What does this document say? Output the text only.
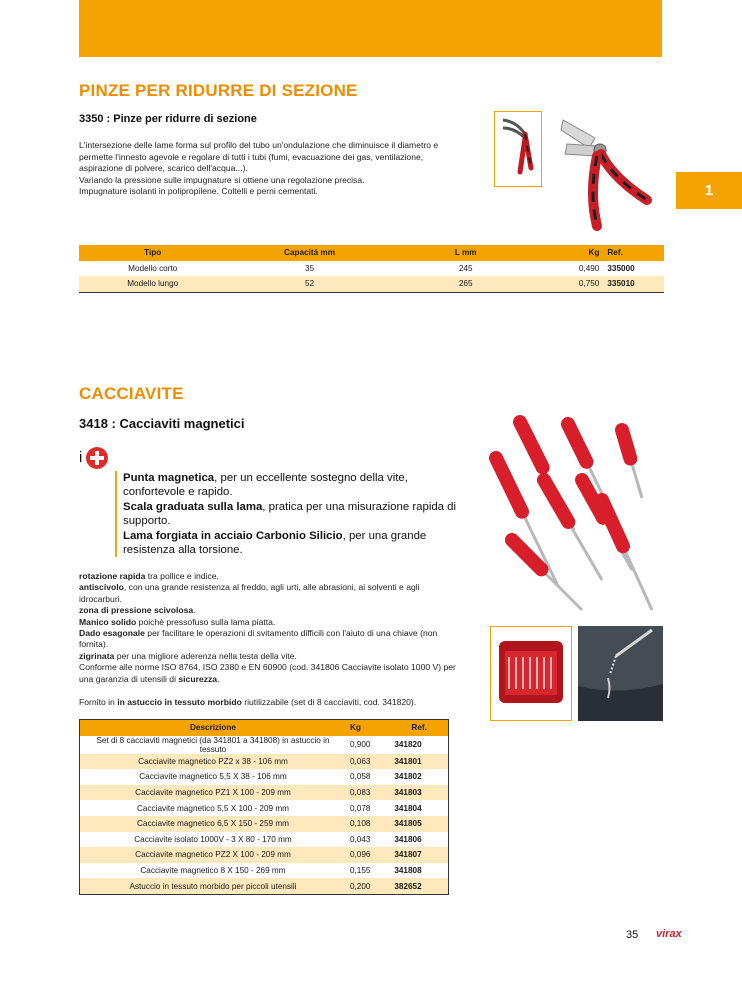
1
PINZE PER RIDURRE DI SEZIONE
3350 : Pinze per ridurre di sezione

L'intersezione delle lame forma sul profilo del tubo un'ondulazione che diminuisce il diametro e

permette l'innesto agevole e regolare di tutti i tubi (fumi, evacuazione dei gas, ventilazione,

aspirazione di polvere, scarico dell'acqua...).

Variando la pressione sulle impugnature si ottiene una regolazione precisa.

Impugnature isolanti in polipropilene. Coltelli e perni cementati.

Tipo	Capacitá mm	L mm	Kg	Ref.
Modello corto	35	245	0,490	335000
Modello lungo	52	265	0,750	335010
CACCIAVITE
3418 : Cacciaviti magnetici
i

Punta magnetica, per un eccellente sostegno della vite, confortevole e rapido.

Scala graduata sulla lama, pratica per una misurazione rapida di supporto.

Lama forgiata in acciaio Carbonio Silicio, per una grande resistenza alla torsione.

rotazione rapida tra pollice e indice.

antiscivolo, con una grande resistenza al freddo, agli urti, alle abrasioni, ai solventi e agli idrocarburi.

zona di pressione scivolosa.

Manico solido poichè pressofuso sulla lama piatta.

Dado esagonale per facilitare le operazioni di svitamento difficili con l'aiuto di una chiave (non fornita).

zigrinata per una migliore aderenza nella testa della vite.

Conforme alle norme ISO 8764, ISO 2380 e EN 60900 (cod. 341806 Cacciavite isolato 1000 V) per una garanzia di utensili di sicurezza.

Fornito in in astuccio in tessuto morbido riutilizzabile (set di 8 cacciaviti, cod. 341820).
Descrizione	Kg	Ref.
Set di 8 cacciaviti magnetici (da 341801 a 341808) in astuccio in tessuto	0,900	341820
Cacciavite magnetico PZ2 x 38 - 106 mm	0,063	341801
Cacciavite magnetico 5,5 X 38 - 106 mm	0,058	341802
Cacciavite magnetico PZ1 X 100 - 209 mm	0,083	341803
Cacciavite magnetico 5,5 X 100 - 209 mm	0,078	341804
Cacciavite magnetico 6,5 X 150 - 259 mm	0,108	341805
Cacciavite isolato 1000V - 3 X 80 - 170 mm	0,043	341806
Cacciavite magnetico PZ2 X 100 - 209 mm	0,096	341807
Cacciavite magnetico 8 X 150 - 269 mm	0,155	341808
Astuccio in tessuto morbido per piccoli utensili	0,200	382652
35 virax
